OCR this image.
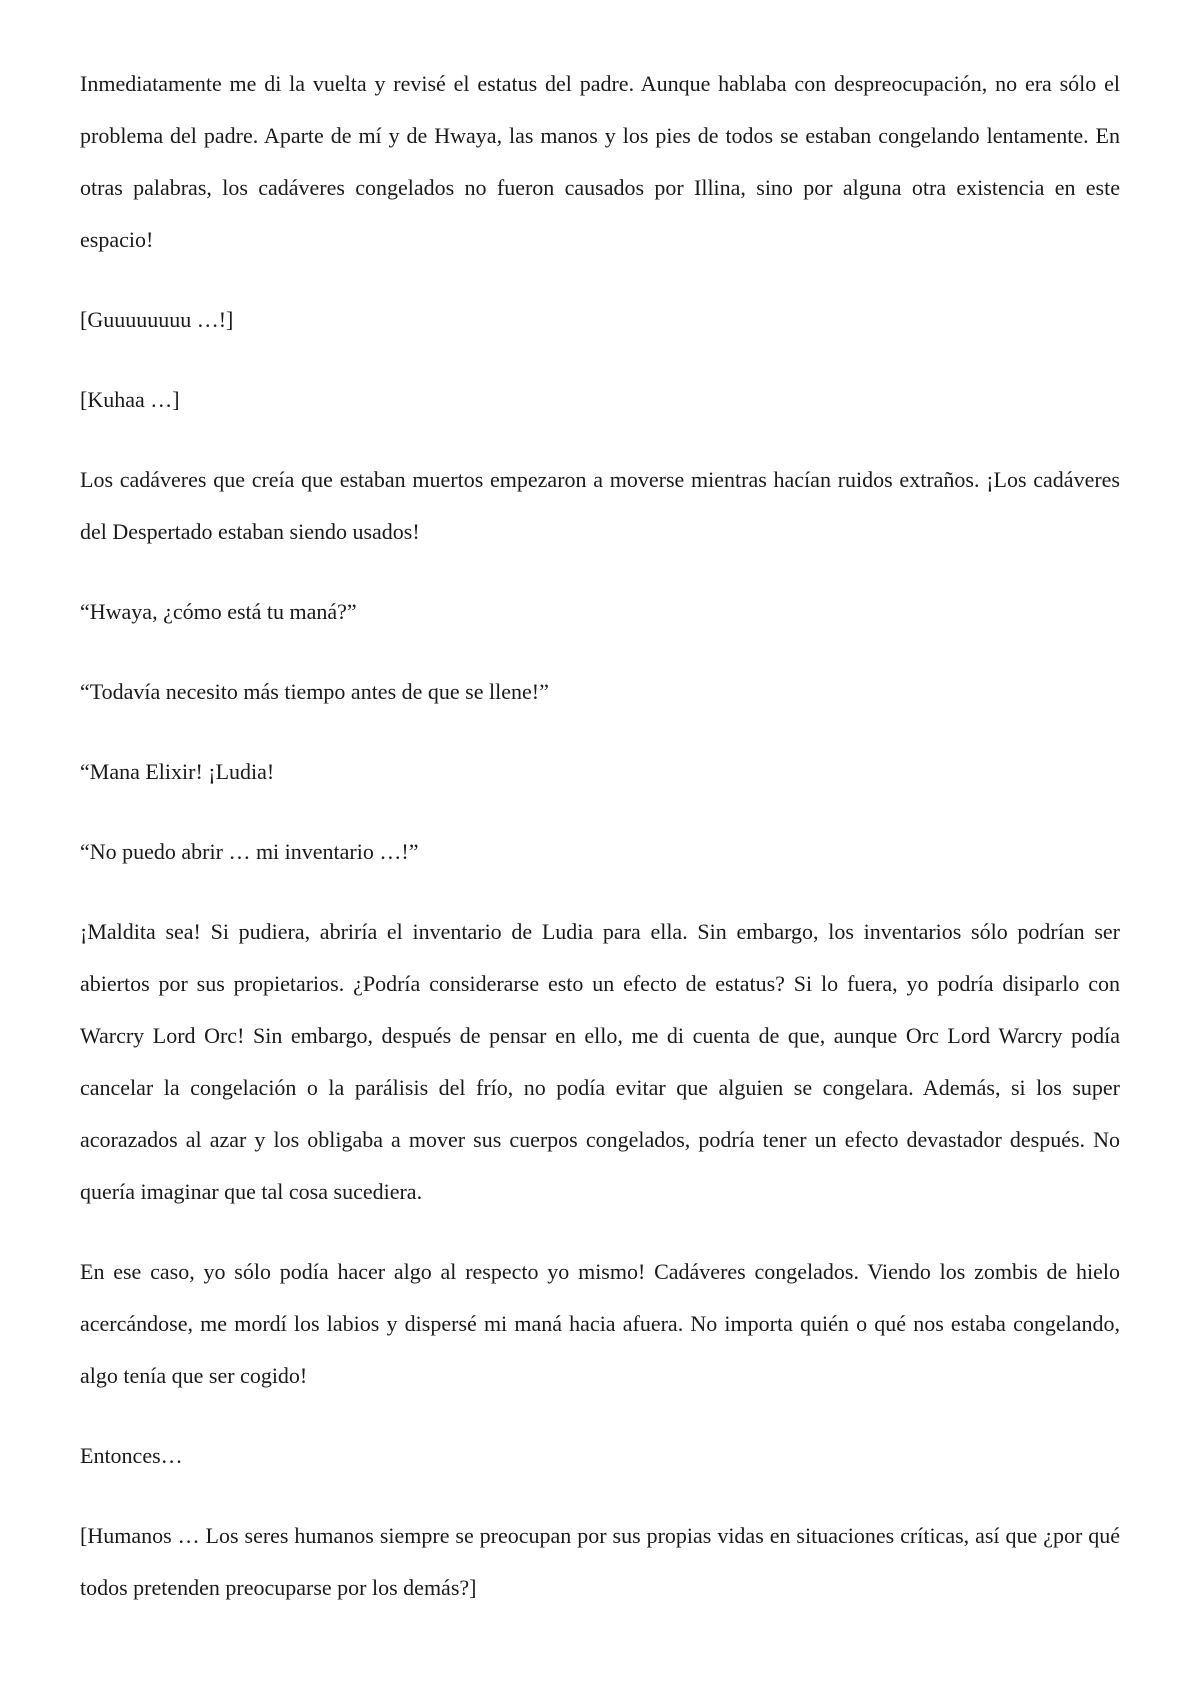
Inmediatamente me di la vuelta y revisé el estatus del padre. Aunque hablaba con despreocupación, no era sólo el problema del padre. Aparte de mí y de Hwaya, las manos y los pies de todos se estaban congelando lentamente. En otras palabras, los cadáveres congelados no fueron causados por Illina, sino por alguna otra existencia en este espacio!

[Guuuuuuuu …!]

[Kuhaa …]

Los cadáveres que creía que estaban muertos empezaron a moverse mientras hacían ruidos extraños. ¡Los cadáveres del Despertado estaban siendo usados!

“Hwaya, ¿cómo está tu maná?”

“Todavía necesito más tiempo antes de que se llene!”

“Mana Elixir! ¡Ludia!

“No puedo abrir … mi inventario …!”

¡Maldita sea! Si pudiera, abriría el inventario de Ludia para ella. Sin embargo, los inventarios sólo podrían ser abiertos por sus propietarios. ¿Podría considerarse esto un efecto de estatus? Si lo fuera, yo podría disiparlo con Warcry Lord Orc! Sin embargo, después de pensar en ello, me di cuenta de que, aunque Orc Lord Warcry podía cancelar la congelación o la parálisis del frío, no podía evitar que alguien se congelara. Además, si los super acorazados al azar y los obligaba a mover sus cuerpos congelados, podría tener un efecto devastador después. No quería imaginar que tal cosa sucediera.

En ese caso, yo sólo podía hacer algo al respecto yo mismo! Cadáveres congelados. Viendo los zombis de hielo acercándose, me mordí los labios y dispersé mi maná hacia afuera. No importa quién o qué nos estaba congelando, algo tenía que ser cogido!

Entonces…

[Humanos … Los seres humanos siempre se preocupan por sus propias vidas en situaciones críticas, así que ¿por qué todos pretenden preocuparse por los demás?]
